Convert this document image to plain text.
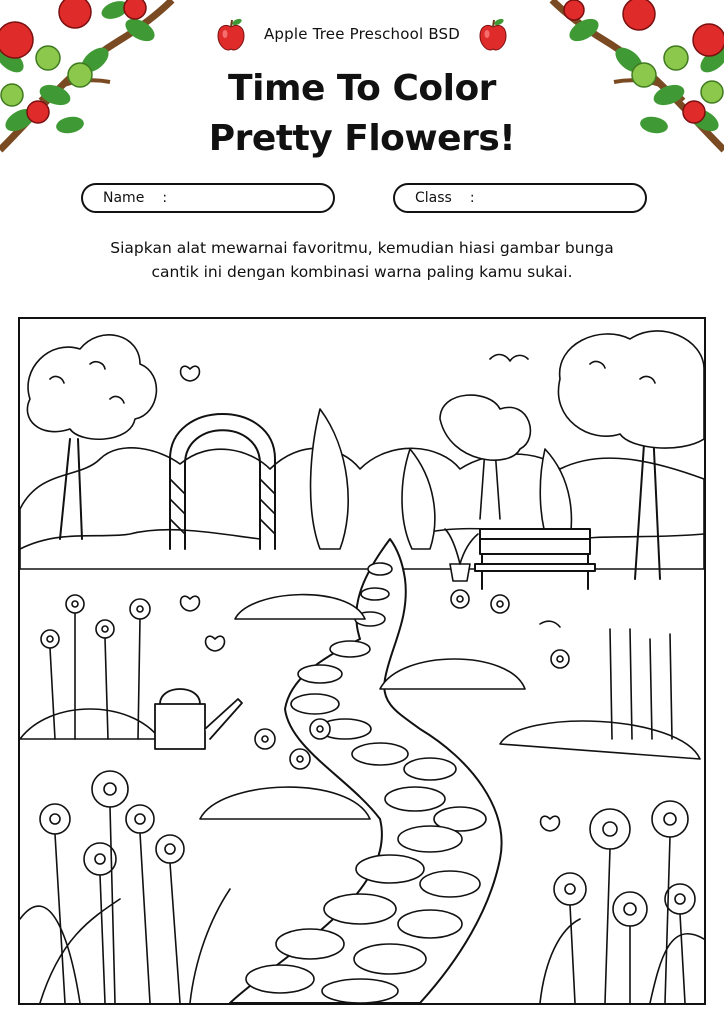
Apple Tree Preschool BSD
Time To Color
Pretty Flowers!
Name :	Class :
Siapkan alat mewarnai favoritmu, kemudian hiasi gambar bunga
cantik ini dengan kombinasi warna paling kamu sukai.
